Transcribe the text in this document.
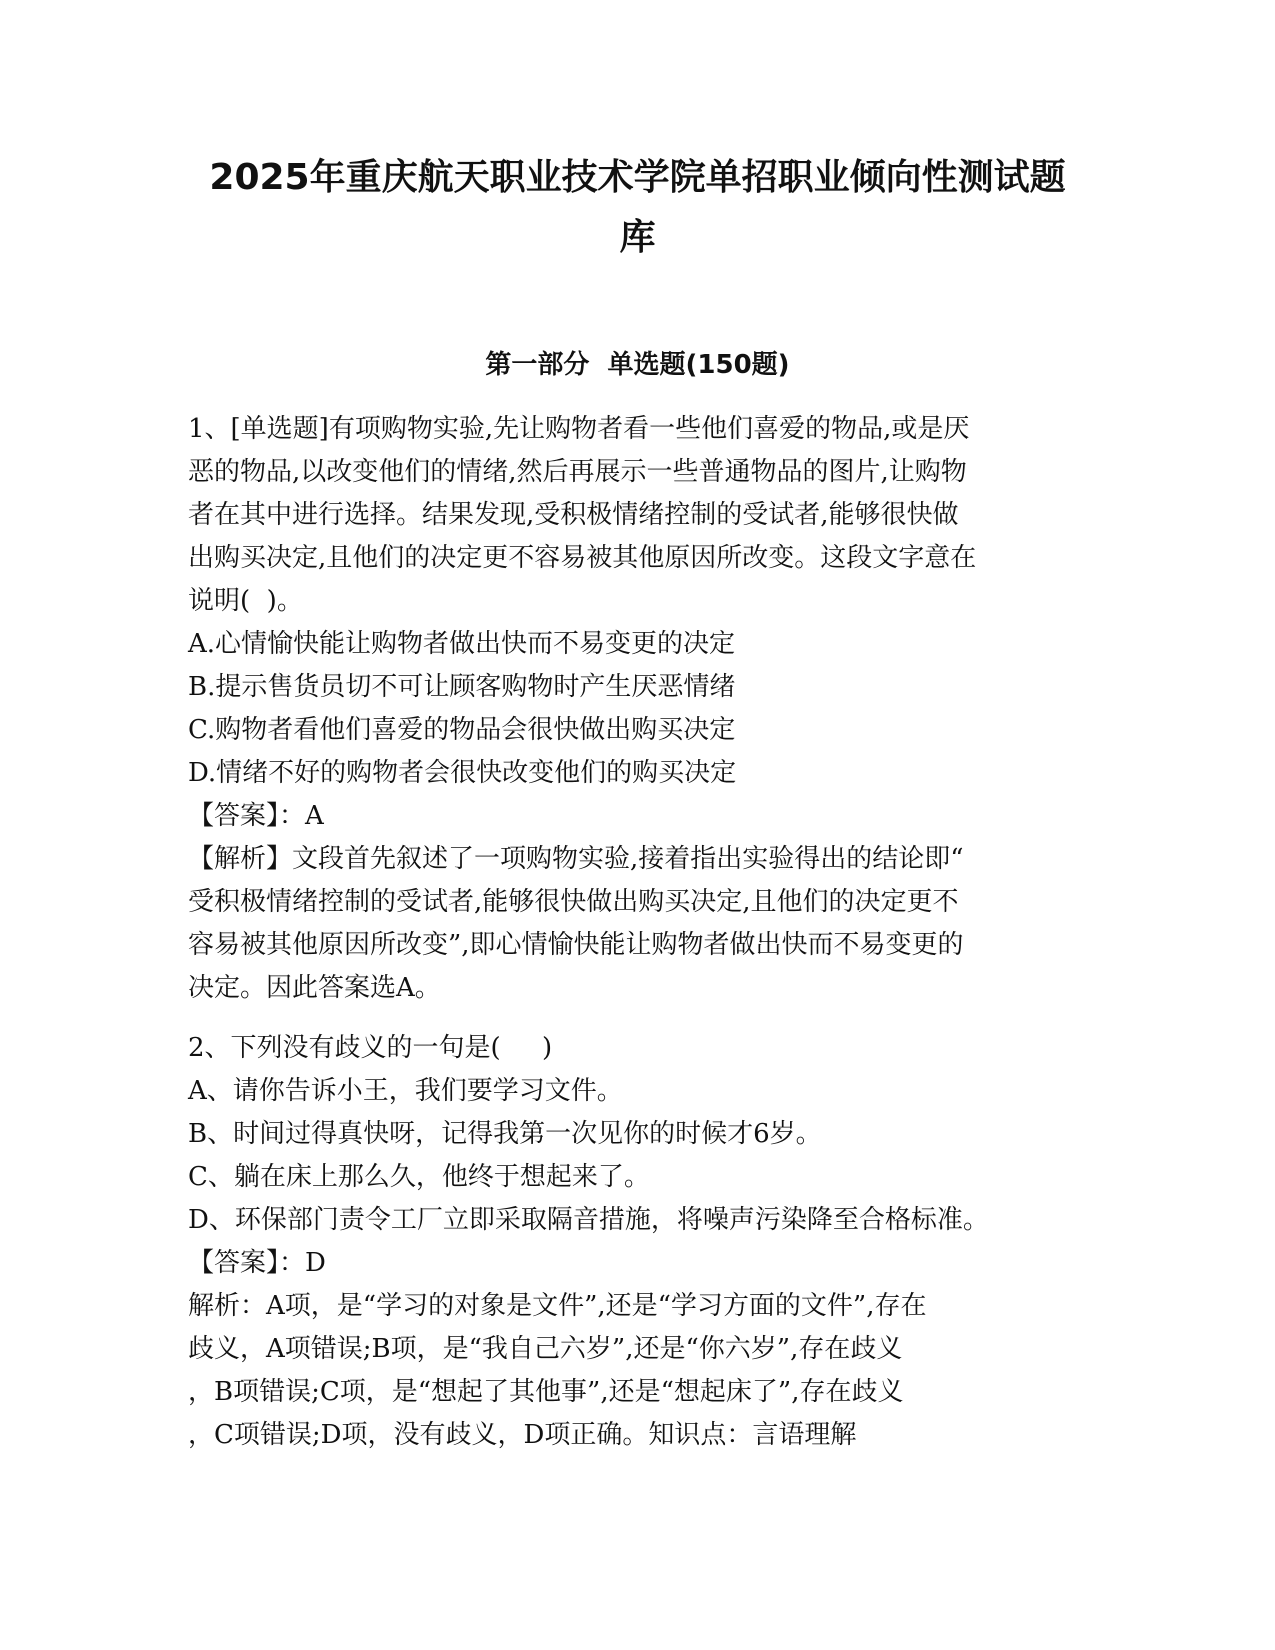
2025年重庆航天职业技术学院单招职业倾向性测试题
库
第一部分  单选题(150题)
1、[单选题]有项购物实验,先让购物者看一些他们喜爱的物品,或是厌
恶的物品,以改变他们的情绪,然后再展示一些普通物品的图片,让购物
者在其中进行选择。结果发现,受积极情绪控制的受试者,能够很快做
出购买决定,且他们的决定更不容易被其他原因所改变。这段文字意在
说明(  )。
A.心情愉快能让购物者做出快而不易变更的决定
B.提示售货员切不可让顾客购物时产生厌恶情绪
C.购物者看他们喜爱的物品会很快做出购买决定
D.情绪不好的购物者会很快改变他们的购买决定
【答案】：A
【解析】文段首先叙述了一项购物实验,接着指出实验得出的结论即“
受积极情绪控制的受试者,能够很快做出购买决定,且他们的决定更不
容易被其他原因所改变”,即心情愉快能让购物者做出快而不易变更的
决定。因此答案选A。
2、下列没有歧义的一句是(     )
A、请你告诉小王，我们要学习文件。
B、时间过得真快呀，记得我第一次见你的时候才6岁。
C、躺在床上那么久，他终于想起来了。
D、环保部门责令工厂立即采取隔音措施，将噪声污染降至合格标准。
【答案】：D
解析：A项，是“学习的对象是文件”,还是“学习方面的文件”,存在
歧义，A项错误;B项，是“我自己六岁”,还是“你六岁”,存在歧义
，B项错误;C项，是“想起了其他事”,还是“想起床了”,存在歧义
，C项错误;D项，没有歧义，D项正确。知识点：言语理解
